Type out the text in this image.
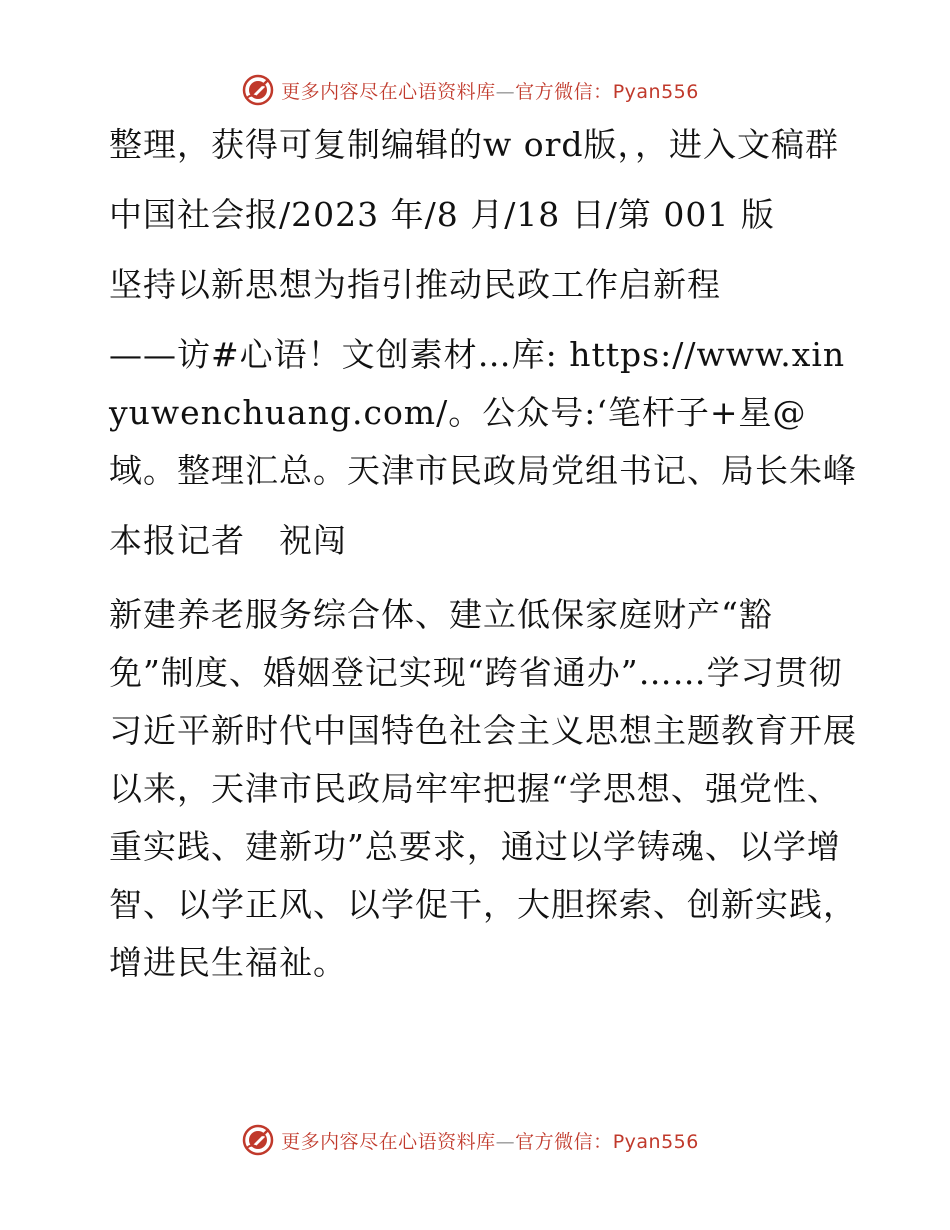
更多内容尽在心语资料库—官方微信：Pyan556

整理，获得可复制编辑的w ord版，，进入文稿群

中国社会报/2023 年/8 月/18 日/第 001 版

坚持以新思想为指引推动民政工作启新程

——访#心语！文创素材…库: https://www.xinyuwenchuang.com/。公众号:‘笔杆子+星@域。整理汇总。天津市民政局党组书记、局长朱峰

本报记者　祝闯

新建养老服务综合体、建立低保家庭财产“豁免”制度、婚姻登记实现“跨省通办”……学习贯彻习近平新时代中国特色社会主义思想主题教育开展以来，天津市民政局牢牢把握“学思想、强党性、重实践、建新功”总要求，通过以学铸魂、以学增智、以学正风、以学促干，大胆探索、创新实践，增进民生福祉。

更多内容尽在心语资料库—官方微信：Pyan556
